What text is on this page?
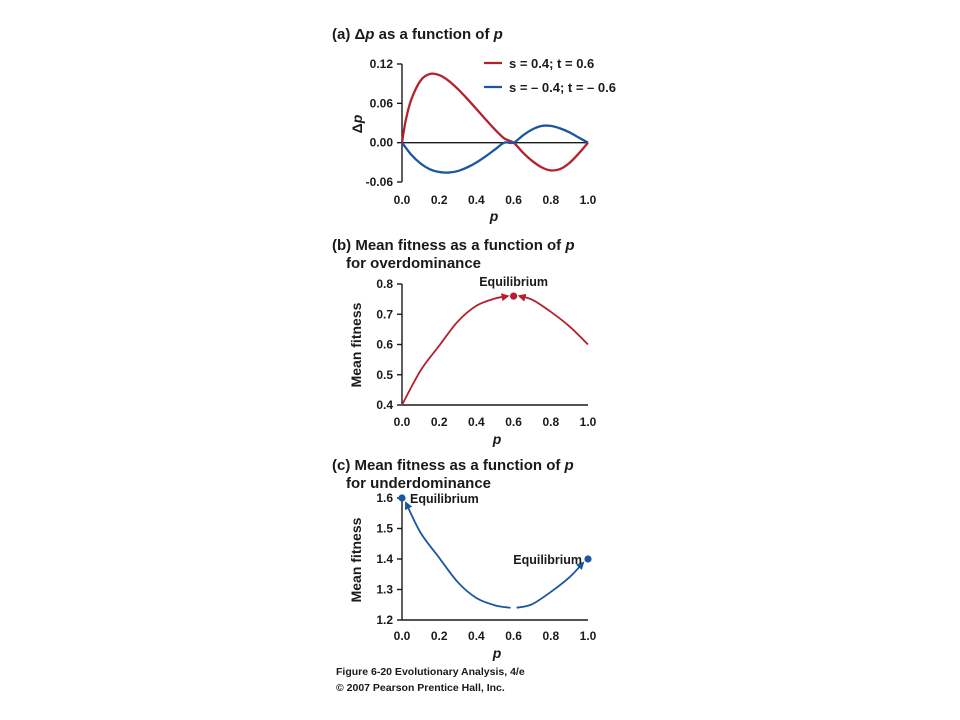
(a) Δp as a function of p
0.12
0.06
0.00
-0.06
0.0 0.2 0.4 0.6 0.8 1.0
s = 0.4; t = 0.6
s = – 0.4; t = – 0.6
p
Δp
(b) Mean fitness as a function of p
for overdominance
0.8
0.7
0.6
0.5
0.4
0.0 0.2 0.4 0.6 0.8 1.0
Equilibrium
p
Mean fitness
(c) Mean fitness as a function of p
for underdominance
1.6
1.5
1.4
1.3
1.2
0.0 0.2 0.4 0.6 0.8 1.0
Equilibrium
Equilibrium
p
Mean fitness
Figure 6-20 Evolutionary Analysis, 4/e
© 2007 Pearson Prentice Hall, Inc.
